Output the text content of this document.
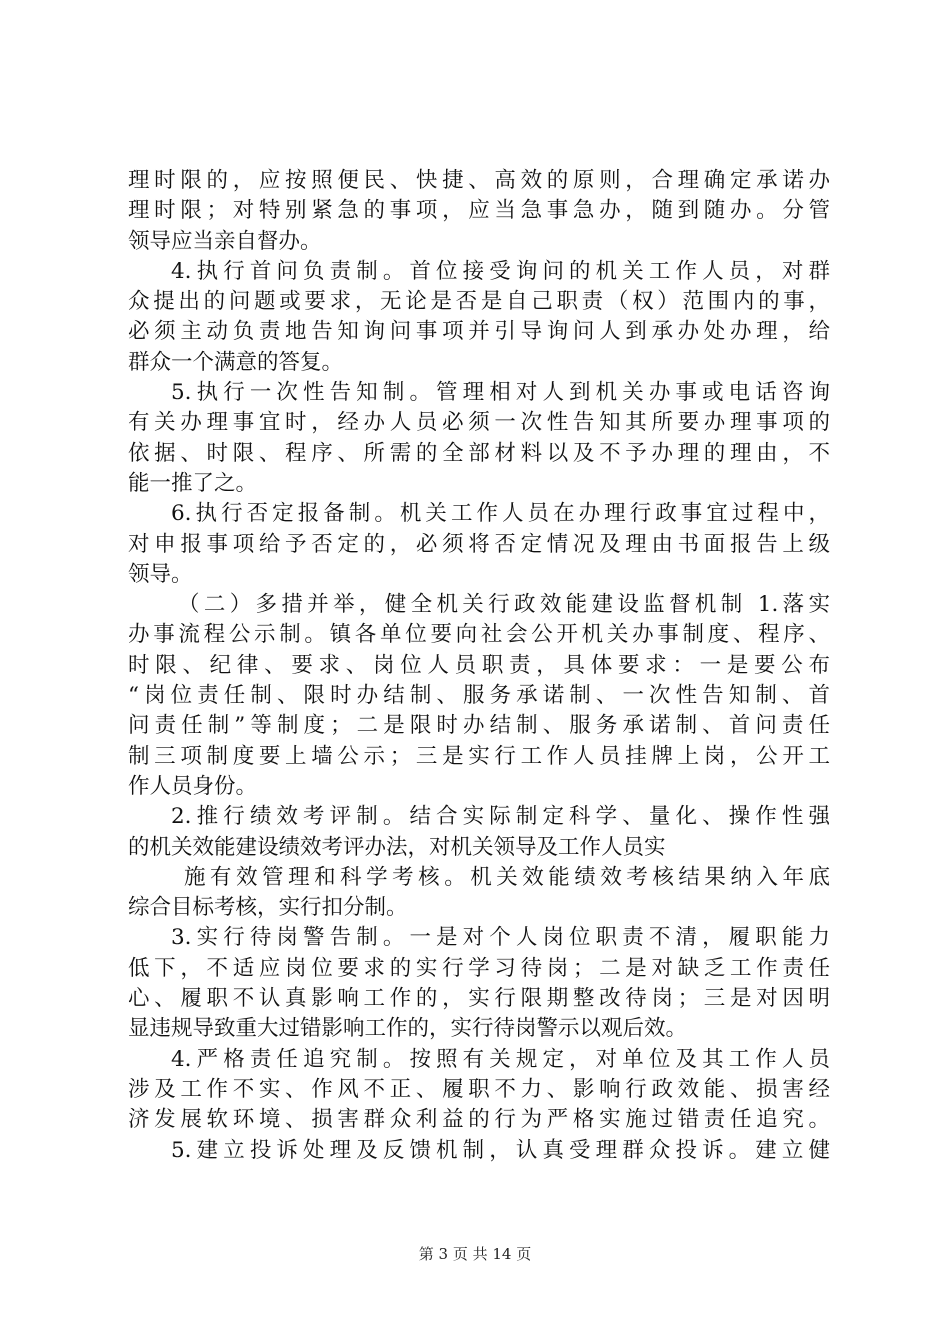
理时限的，应按照便民、快捷、高效的原则，合理确定承诺办
理时限；对特别紧急的事项，应当急事急办，随到随办。分管
领导应当亲自督办。
4.执行首问负责制。首位接受询问的机关工作人员，对群
众提出的问题或要求，无论是否是自己职责（权）范围内的事，
必须主动负责地告知询问事项并引导询问人到承办处办理，给
群众一个满意的答复。
5.执行一次性告知制。管理相对人到机关办事或电话咨询
有关办理事宜时，经办人员必须一次性告知其所要办理事项的
依据、时限、程序、所需的全部材料以及不予办理的理由，不
能一推了之。
6.执行否定报备制。机关工作人员在办理行政事宜过程中，
对申报事项给予否定的，必须将否定情况及理由书面报告上级
领导。
（二）多措并举，健全机关行政效能建设监督机制 1.落实
办事流程公示制。镇各单位要向社会公开机关办事制度、程序、
时限、纪律、要求、岗位人员职责，具体要求：一是要公布
“岗位责任制、限时办结制、服务承诺制、一次性告知制、首
问责任制”等制度；二是限时办结制、服务承诺制、首问责任
制三项制度要上墙公示；三是实行工作人员挂牌上岗，公开工
作人员身份。
2.推行绩效考评制。结合实际制定科学、量化、操作性强
的机关效能建设绩效考评办法，对机关领导及工作人员实
施有效管理和科学考核。机关效能绩效考核结果纳入年底
综合目标考核，实行扣分制。
3.实行待岗警告制。一是对个人岗位职责不清，履职能力
低下，不适应岗位要求的实行学习待岗；二是对缺乏工作责任
心、履职不认真影响工作的，实行限期整改待岗；三是对因明
显违规导致重大过错影响工作的，实行待岗警示以观后效。
4.严格责任追究制。按照有关规定，对单位及其工作人员
涉及工作不实、作风不正、履职不力、影响行政效能、损害经
济发展软环境、损害群众利益的行为严格实施过错责任追究。
5.建立投诉处理及反馈机制，认真受理群众投诉。建立健
第 3 页 共 14 页
